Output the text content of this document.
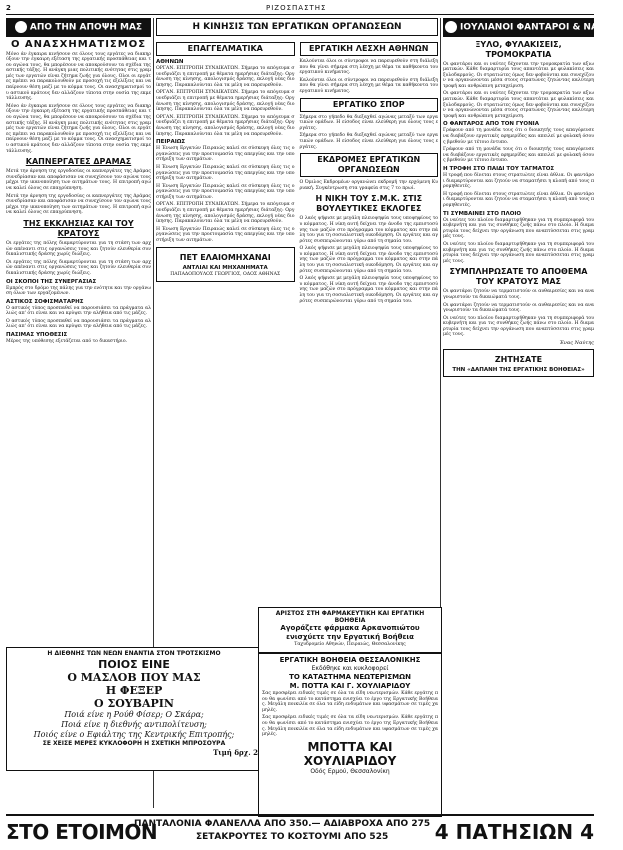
2	ΡΙΖΟΣΠΑΣΤΗΣ
ΑΠΟ ΤΗΝ ΑΠΟΨΗ ΜΑΣ
Ο ΑΝΑΣΧΗΜΑΤΙΣΜΟΣ

Μόνο άν έγκαιρα κινήσουν σε όλους τους εργάτες να διακηρύξουν την έγκαιρη εξέταση της εργατικής προσπάθειας και του αγώνα τους, θα μπορέσουν να αποκρούσουν τα σχέδια της αστικής τάξης. Η ανάγκη μιας πολιτικής ενότητας στις γραμμές των εργατών είναι ζήτημα ζωής για όλους. Ολοι οι εργάτες πρέπει να παρακολουθούν με προσοχή τις εξελίξεις και να παίρνουν θέση μαζί με το κόμμα τους. Οι ανασχηματισμοί του αστικού κράτους δεν αλλάζουν τίποτα στην ουσία της εκμετάλλευσης.

Μόνο άν έγκαιρα κινήσουν σε όλους τους εργάτες να διακηρύξουν την έγκαιρη εξέταση της εργατικής προσπάθειας και του αγώνα τους, θα μπορέσουν να αποκρούσουν τα σχέδια της αστικής τάξης. Η ανάγκη μιας πολιτικής ενότητας στις γραμμές των εργατών είναι ζήτημα ζωής για όλους. Ολοι οι εργάτες πρέπει να παρακολουθούν με προσοχή τις εξελίξεις και να παίρνουν θέση μαζί με το κόμμα τους. Οι ανασχηματισμοί του αστικού κράτους δεν αλλάζουν τίποτα στην ουσία της εκμετάλλευσης.

ΚΑΠΝΕΡΓΑΤΕΣ ΔΡΑΜΑΣ

Μετά την άρνηση της εργοδοσίας οι καπνεργάτες της Δράμας συνεδρίασαν και αποφάσισαν να συνεχίσουν τον αγώνα τους μέχρι την ικανοποίηση των αιτημάτων τους. Η επιτροπή αγώνα καλεί όλους σε επαγρύπνηση.

Μετά την άρνηση της εργοδοσίας οι καπνεργάτες της Δράμας συνεδρίασαν και αποφάσισαν να συνεχίσουν τον αγώνα τους μέχρι την ικανοποίηση των αιτημάτων τους. Η επιτροπή αγώνα καλεί όλους σε επαγρύπνηση.

ΤΗΣ ΕΚΚΛΗΣΙΑΣ ΚΑΙ ΤΟΥ ΚΡΑΤΟΥΣ

Οι εργάτες της πόλης διαμαρτύρονται για τη στάση των αρχών απέναντι στις οργανώσεις τους και ζητούν ελευθερία συνδικαλιστικής δράσης χωρίς διώξεις.

Οι εργάτες της πόλης διαμαρτύρονται για τη στάση των αρχών απέναντι στις οργανώσεις τους και ζητούν ελευθερία συνδικαλιστικής δράσης χωρίς διώξεις.

ΟΙ ΣΚΟΠΟΙ ΤΗΣ ΣΥΝΕΡΓΑΣΙΑΣ

Εμπρός στο δρόμο της πάλης για την ενότητα και την οργάνωση όλων των εργαζομένων.

ΑΣΤΙΚΟΣ ΣΟΦΙΣΜΑΤΑΡΗΣ

Ο αστικός τύπος προσπαθεί να παρουσιάσει τα πράγματα αλλιώς απ' ότι είναι και να κρύψει την αλήθεια από τις μάζες.

Ο αστικός τύπος προσπαθεί να παρουσιάσει τα πράγματα αλλιώς απ' ότι είναι και να κρύψει την αλήθεια από τις μάζες.

ΠΑΣΙΜΑΣ ΥΠΟΘΕΣΙΣ

Μέρος της υπόθεσης εξετάζεται από το δικαστήριο.

Η ΔΙΕΘΝΗΣ ΤΩΝ ΝΕΩΝ ΕΝΑΝΤΙΑ ΣΤΟΝ ΤΡΟΤΣΚΙΣΜΟ
ΠΟΙΟΣ ΕΙΝΕ
Ο ΜΑΣΛΟΒ ΠΟΥ ΜΑΣ
Η ΦΕΞΕΡ
Ο ΣΟΥΒΑΡΙΝ
Ποιά είνε η Ρούθ Φίσερ; Ο Σκάρα;
Ποιά είνε η διεθνής αντιπολίτευση;
Ποιός είνε ο Εφιάλτης της Κεντρικής Επιτροπής;
ΣΕ ΧΕΙΣΕ ΜΕΡΕΣ ΚΥΚΛΟΦΟΡΗ Η ΣΧΕΤΙΚΗ ΜΠΡΟΣΟΥΡΑ
Τιμή δρχ. 2
Η ΚΙΝΗΣΙΣ ΤΩΝ ΕΡΓΑΤΙΚΩΝ ΟΡΓΑΝΩΣΕΩΝ
ΕΠΑΓΓΕΛΜΑΤΙΚΑ
ΑΘΗΝΩΝ

ΟΡΓΑΝ. ΕΠΙΤΡΟΠΗ ΣΥΝΔΙΚΑΤΩΝ. Σήμερα το απόγευμα συνεδριάζει η επιτροπή με θέματα ημερήσιας διάταξης: Οργάνωση της κίνησης, απολογισμός δράσης, εκλογή νέας διοίκησης. Παρακαλούνται όλα τα μέλη να παρευρεθούν.

ΟΡΓΑΝ. ΕΠΙΤΡΟΠΗ ΣΥΝΔΙΚΑΤΩΝ. Σήμερα το απόγευμα συνεδριάζει η επιτροπή με θέματα ημερήσιας διάταξης: Οργάνωση της κίνησης, απολογισμός δράσης, εκλογή νέας διοίκησης. Παρακαλούνται όλα τα μέλη να παρευρεθούν.

ΟΡΓΑΝ. ΕΠΙΤΡΟΠΗ ΣΥΝΔΙΚΑΤΩΝ. Σήμερα το απόγευμα συνεδριάζει η επιτροπή με θέματα ημερήσιας διάταξης: Οργάνωση της κίνησης, απολογισμός δράσης, εκλογή νέας διοίκησης. Παρακαλούνται όλα τα μέλη να παρευρεθούν.

ΠΕΙΡΑΙΩΣ

Η Ένωση Εργατών Πειραιώς καλεί σε σύσκεψη όλες τις οργανώσεις για την προετοιμασία της απεργίας και την υποστήριξη των αιτημάτων.

Η Ένωση Εργατών Πειραιώς καλεί σε σύσκεψη όλες τις οργανώσεις για την προετοιμασία της απεργίας και την υποστήριξη των αιτημάτων.

Η Ένωση Εργατών Πειραιώς καλεί σε σύσκεψη όλες τις οργανώσεις για την προετοιμασία της απεργίας και την υποστήριξη των αιτημάτων.

ΟΡΓΑΝ. ΕΠΙΤΡΟΠΗ ΣΥΝΔΙΚΑΤΩΝ. Σήμερα το απόγευμα συνεδριάζει η επιτροπή με θέματα ημερήσιας διάταξης: Οργάνωση της κίνησης, απολογισμός δράσης, εκλογή νέας διοίκησης. Παρακαλούνται όλα τα μέλη να παρευρεθούν.

Η Ένωση Εργατών Πειραιώς καλεί σε σύσκεψη όλες τις οργανώσεις για την προετοιμασία της απεργίας και την υποστήριξη των αιτημάτων.

ΠΕΤ ΕΛΑΙΟΜΗΧΑΝΑΙ
ΑΝΤΛΙΑΙ ΚΑΙ ΜΗΧΑΝΗΜΑΤΑ

ΠΑΠΑΔΟΠΟΥΛΟΣ ΓΕΩΡΓΙΟΣ, ΟΔΟΣ ΑΘΗΝΑΣ

ΕΡΓΑΤΙΚΗ ΛΕΣΧΗ ΑΘΗΝΩΝ

Καλούνται όλοι οι σύντροφοι να παρευρεθούν στη διάλεξη που θα γίνει σήμερα στη λέσχη με θέμα τα καθήκοντα του εργατικού κινήματος.

Καλούνται όλοι οι σύντροφοι να παρευρεθούν στη διάλεξη που θα γίνει σήμερα στη λέσχη με θέμα τα καθήκοντα του εργατικού κινήματος.

ΕΡΓΑΤΙΚΟ ΣΠΟΡ

Σήμερα στο γήπεδο θα διεξαχθεί αγώνας μεταξύ των εργατικών ομάδων. Η είσοδος είναι ελεύθερη για όλους τους εργάτες.

Σήμερα στο γήπεδο θα διεξαχθεί αγώνας μεταξύ των εργατικών ομάδων. Η είσοδος είναι ελεύθερη για όλους τους εργάτες.

ΕΚΔΡΟΜΕΣ ΕΡΓΑΤΙΚΩΝ ΟΡΓΑΝΩΣΕΩΝ

Ο Όμιλος Εκδρομέων οργανώνει εκδρομή την ερχόμενη Κυριακή. Συγκέντρωση στα γραφεία στις 7 το πρωί.

Η ΝΙΚΗ ΤΟΥ Σ.Μ.Κ. ΣΤΙΣ ΒΟΥΛΕΥΤΙΚΕΣ ΕΚΛΟΓΕΣ

Ο λαός ψήφισε με μεγάλη πλειοψηφία τους υποψηφίους του κόμματος. Η νίκη αυτή δείχνει την άνοδο της εμπιστοσύνης των μαζών στο πρόγραμμα του κόμματος και στην πάλη του για τη σοσιαλιστική οικοδόμηση. Οι εργάτες και αγρότες συσπειρώνονται γύρω από τη σημαία του.

Ο λαός ψήφισε με μεγάλη πλειοψηφία τους υποψηφίους του κόμματος. Η νίκη αυτή δείχνει την άνοδο της εμπιστοσύνης των μαζών στο πρόγραμμα του κόμματος και στην πάλη του για τη σοσιαλιστική οικοδόμηση. Οι εργάτες και αγρότες συσπειρώνονται γύρω από τη σημαία του.

Ο λαός ψήφισε με μεγάλη πλειοψηφία τους υποψηφίους του κόμματος. Η νίκη αυτή δείχνει την άνοδο της εμπιστοσύνης των μαζών στο πρόγραμμα του κόμματος και στην πάλη του για τη σοσιαλιστική οικοδόμηση. Οι εργάτες και αγρότες συσπειρώνονται γύρω από τη σημαία του.

ΑΡΙΣΤΟΣ ΣΤΗ ΦΑΡΜΑΚΕΥΤΙΚΗ ΚΑΙ ΕΡΓΑΤΙΚΗ ΒΟΗΘΕΙΑ
Αγοράζετε φάρμακα Αρκανοπιώτου ενισχύετε την Εργατική Βοήθεια

Ταχυδρομείο Αθηνών, Πειραιώς, Θεσσαλονίκης

ΕΡΓΑΤΙΚΗ ΒΟΗΘΕΙΑ ΘΕΣΣΑΛΟΝΙΚΗΣ
Εκδόθηκε και κυκλοφορεί
ΤΟ ΚΑΤΑΣΤΗΜΑ ΝΕΩΤΕΡΙΣΜΩΝ
Μ. ΠΟΤΤΑ ΚΑΙ Γ. ΧΟΥΛΙΑΡΙΔΟΥ

Σας προσφέρει ειδικές τιμές σε όλα τα είδη νεωτερισμών. Κάθε εργάτης που θα ψωνίσει από το κατάστημα ενισχύει το έργο της Εργατικής Βοήθειας. Μεγάλη ποικιλία σε όλα τα είδη ενδυμάτων και υφασμάτων σε τιμές χαμηλές.

Σας προσφέρει ειδικές τιμές σε όλα τα είδη νεωτερισμών. Κάθε εργάτης που θα ψωνίσει από το κατάστημα ενισχύει το έργο της Εργατικής Βοήθειας. Μεγάλη ποικιλία σε όλα τα είδη ενδυμάτων και υφασμάτων σε τιμές χαμηλές.

ΜΠΟΤΤΑ ΚΑΙ ΧΟΥΛΙΑΡΙΔΟΥ
Οδός Ερμού, Θεσσαλονίκη
ΙΟΥΛΙΑΝΟΙ ΦΑΝΤΑΡΟΙ & ΝΑΥΤΕΣ
ΞΥΛΟ, ΦΥΛΑΚΙΣΕΙΣ, ΤΡΟΜΟΚΡΑΤΙΑ

Οι φαντάροι και οι ναύτες δέχονται την τρομοκρατία των αξιωματικών. Κάθε διαμαρτυρία τους απαντάται με φυλακίσεις και ξυλοδαρμούς. Οι στρατιώτες όμως δεν φοβούνται και συνεχίζουν να οργανώνονται μέσα στους στρατώνες ζητώντας καλύτερη τροφή και ανθρώπινη μεταχείριση.

Οι φαντάροι και οι ναύτες δέχονται την τρομοκρατία των αξιωματικών. Κάθε διαμαρτυρία τους απαντάται με φυλακίσεις και ξυλοδαρμούς. Οι στρατιώτες όμως δεν φοβούνται και συνεχίζουν να οργανώνονται μέσα στους στρατώνες ζητώντας καλύτερη τροφή και ανθρώπινη μεταχείριση.

Ο ΦΑΝΤΑΡΟΣ ΑΠΟ ΤΟΝ ΓΥΟΝΙΑ

Γράφουν από τη μονάδα τους ότι ο διοικητής τους απαγόρευσε να διαβάζουν εργατικές εφημερίδες και απειλεί με φυλακή όσους βρεθούν με τέτοιο έντυπο.

Γράφουν από τη μονάδα τους ότι ο διοικητής τους απαγόρευσε να διαβάζουν εργατικές εφημερίδες και απειλεί με φυλακή όσους βρεθούν με τέτοιο έντυπο.

Η ΤΡΟΦΗ ΣΤΟ ΠΑΙΔΙ ΤΟΥ ΤΑΓΜΑΤΟΣ

Η τροφή που δίνεται στους στρατιώτες είναι άθλια. Οι φαντάροι διαμαρτύρονται και ζητούν να σταματήσει η κλοπή από τους προμηθευτές.

Η τροφή που δίνεται στους στρατιώτες είναι άθλια. Οι φαντάροι διαμαρτύρονται και ζητούν να σταματήσει η κλοπή από τους προμηθευτές.

ΤΙ ΣΥΜΒΑΙΝΕΙ ΣΤΟ ΠΛΟΙΟ

Οι ναύτες του πλοίου διαμαρτυρήθηκαν για τη συμπεριφορά του κυβερνήτη και για τις συνθήκες ζωής πάνω στο πλοίο. Η διαμαρτυρία τους δείχνει την οργάνωση που αναπτύσσεται στις γραμμές τους.

Οι ναύτες του πλοίου διαμαρτυρήθηκαν για τη συμπεριφορά του κυβερνήτη και για τις συνθήκες ζωής πάνω στο πλοίο. Η διαμαρτυρία τους δείχνει την οργάνωση που αναπτύσσεται στις γραμμές τους.

ΣΥΜΠΛΗΡΩΣΑΤΕ ΤΟ ΑΠΟΘΕΜΑ ΤΟΥ ΚΡΑΤΟΥΣ ΜΑΣ

Οι φαντάροι ζητούν να τερματιστούν οι αυθαιρεσίες και να αναγνωριστούν τα δικαιώματά τους.

Οι φαντάροι ζητούν να τερματιστούν οι αυθαιρεσίες και να αναγνωριστούν τα δικαιώματά τους.

Οι ναύτες του πλοίου διαμαρτυρήθηκαν για τη συμπεριφορά του κυβερνήτη και για τις συνθήκες ζωής πάνω στο πλοίο. Η διαμαρτυρία τους δείχνει την οργάνωση που αναπτύσσεται στις γραμμές τους.

Ένας Ναύτης
ΖΗΤΗΣΑΤΕ
ΤΗΝ «ΔΑΠΑΝΗ ΤΗΣ ΕΡΓΑΤΙΚΗΣ ΒΟΗΘΕΙΑΣ»
ΣΤΟ ΕΤΟΙΜΟΝ
ΠΑΝΤΑΛΟΝΙΑ ΦΛΑΝΕΛΛΑ ΑΠΟ 350.— ΑΔΙΑΒΡΟΧΑ ΑΠΟ 275
ΣΕΤΑΚΡΟΥΤΕΣ ΤΟ ΚΟΣΤΟΥΜΙ ΑΠΟ 525 4 ΠΑΤΗΣΙΩΝ 4
